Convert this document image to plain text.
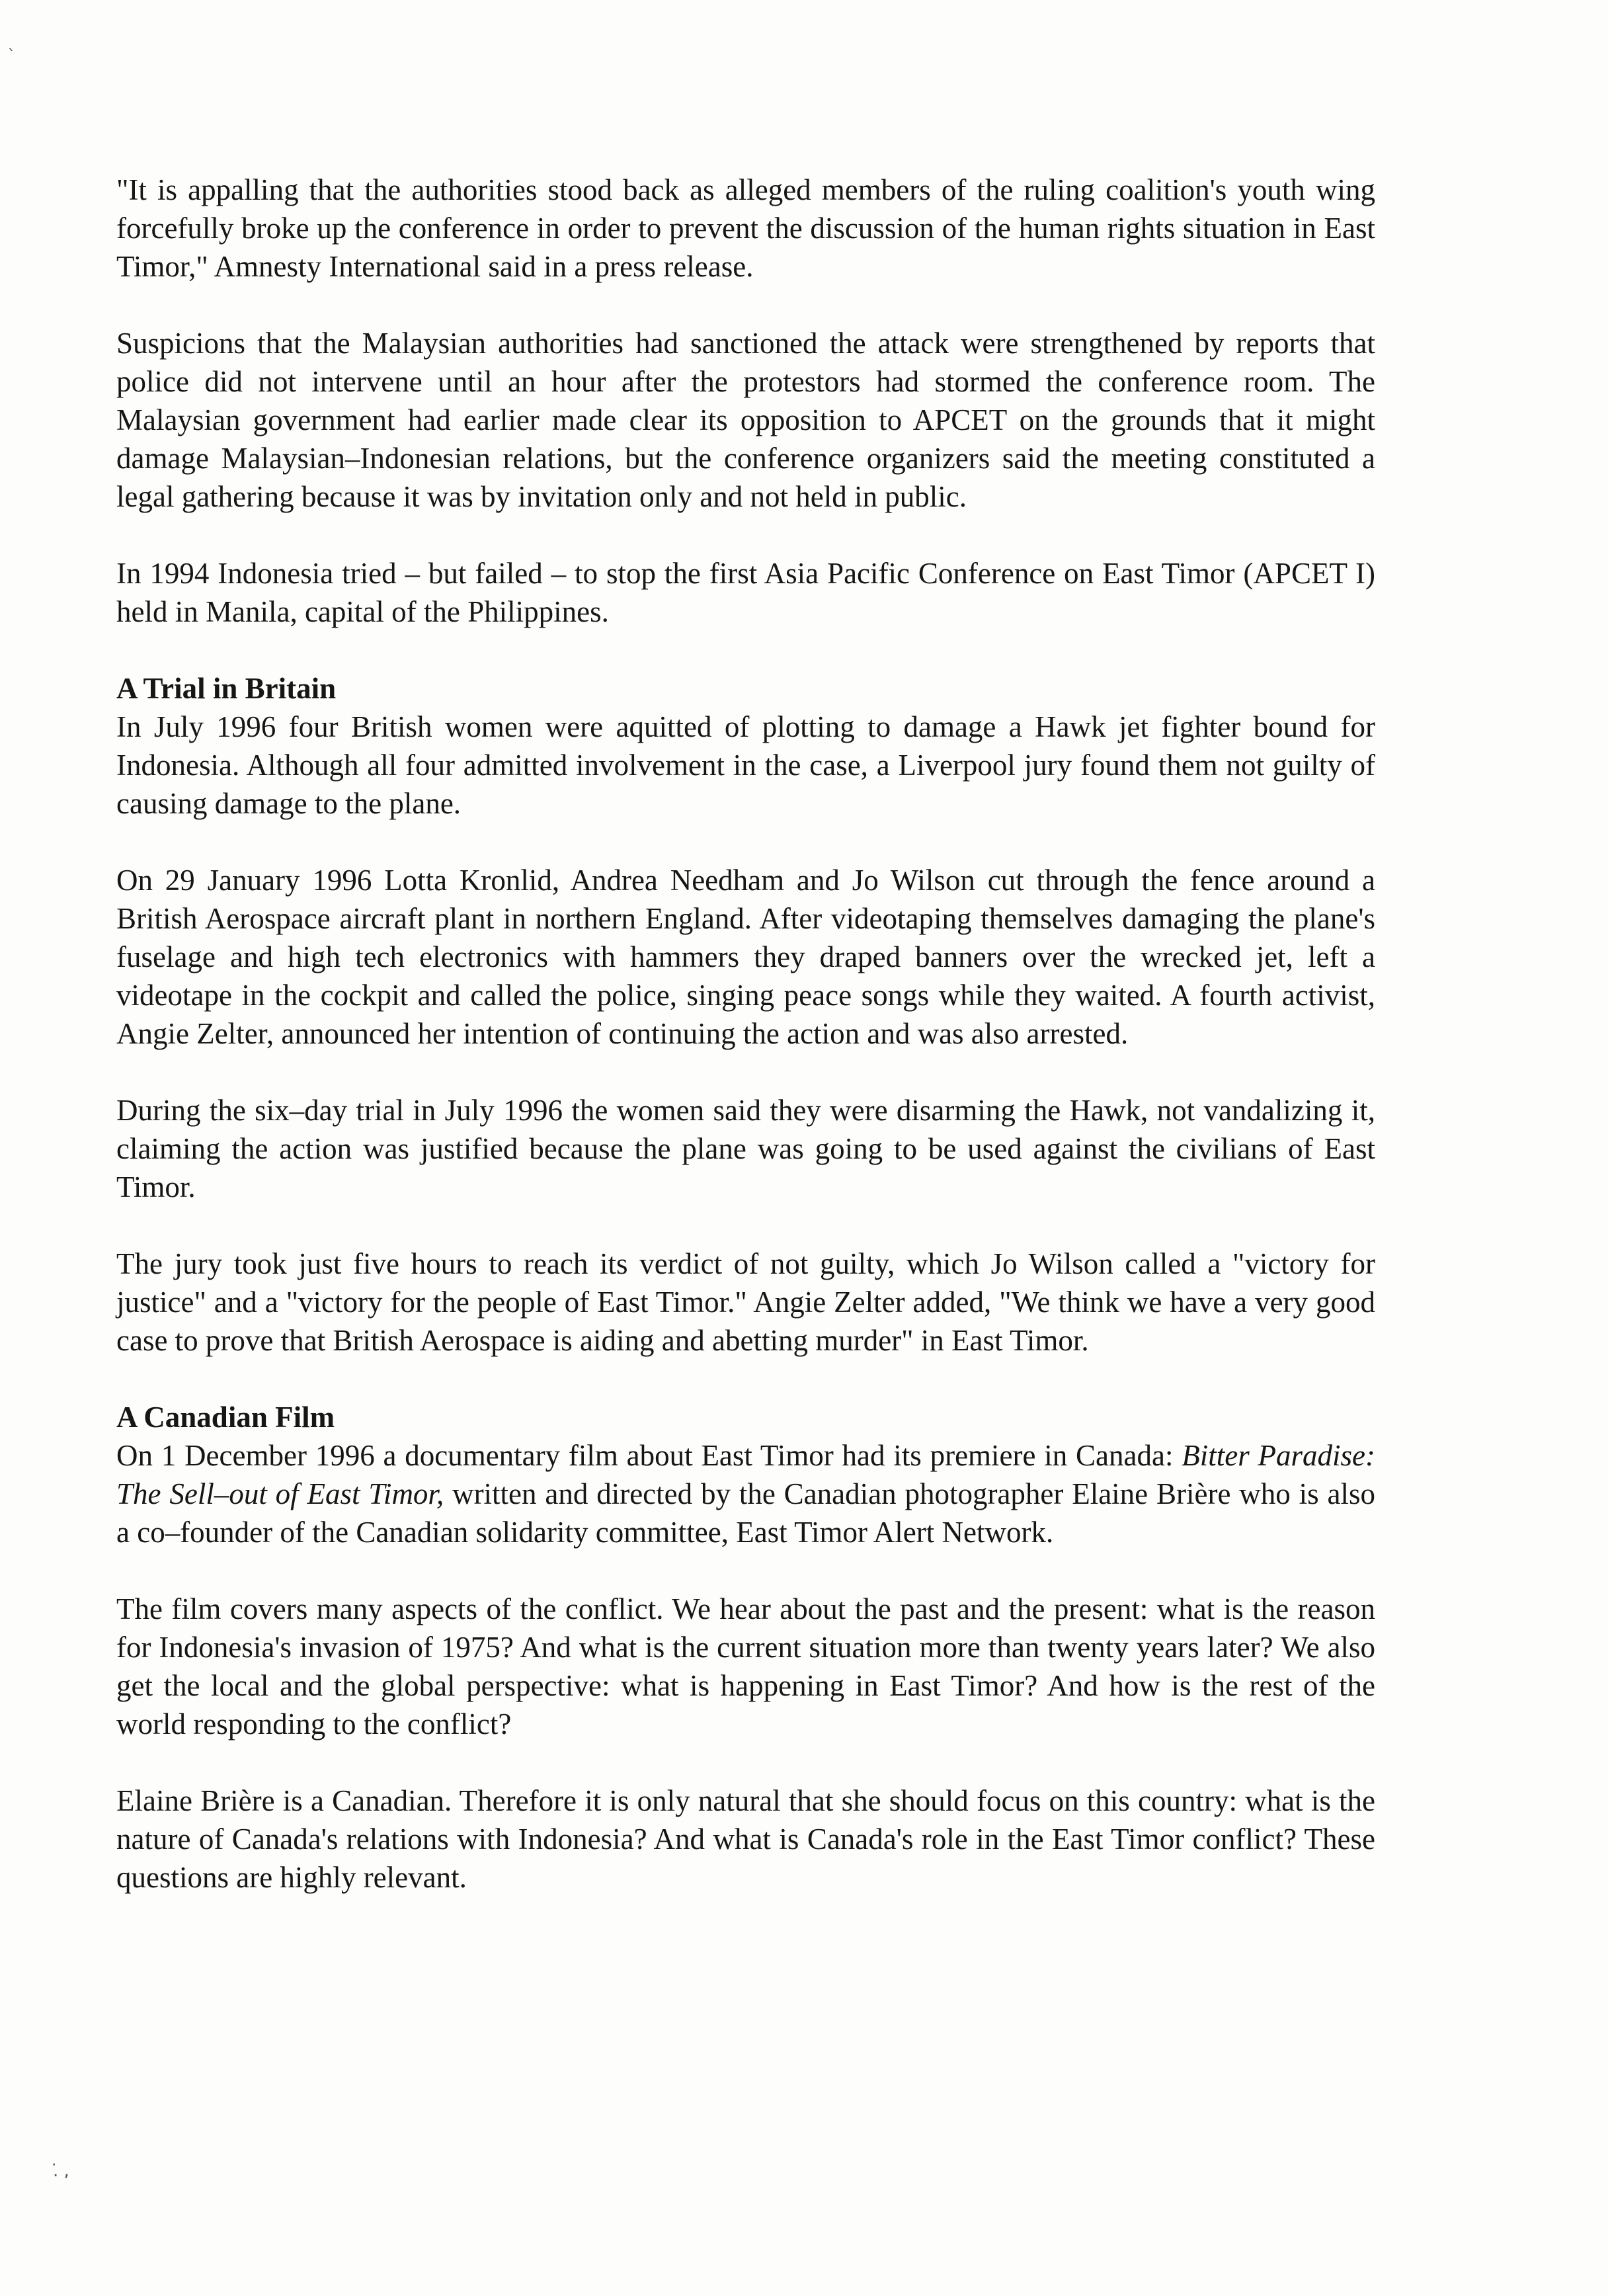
`
.̇ ,

"It is appalling that the authorities stood back as alleged members of the ruling coalition's youth wing forcefully broke up the conference in order to prevent the discussion of the human rights situation in East Timor," Amnesty International said in a press release.

Suspicions that the Malaysian authorities had sanctioned the attack were strengthened by reports that police did not intervene until an hour after the protestors had stormed the conference room. The Malaysian government had earlier made clear its opposition to APCET on the grounds that it might damage Malaysian–Indonesian relations, but the conference organizers said the meeting constituted a legal gathering because it was by invitation only and not held in public.

In 1994 Indonesia tried – but failed – to stop the first Asia Pacific Conference on East Timor (APCET I) held in Manila, capital of the Philippines.

A Trial in Britain

In July 1996 four British women were aquitted of plotting to damage a Hawk jet fighter bound for Indonesia. Although all four admitted involvement in the case, a Liverpool jury found them not guilty of causing damage to the plane.

On 29 January 1996 Lotta Kronlid, Andrea Needham and Jo Wilson cut through the fence around a British Aerospace aircraft plant in northern England. After videotaping themselves damaging the plane's fuselage and high tech electronics with hammers they draped banners over the wrecked jet, left a videotape in the cockpit and called the police, singing peace songs while they waited. A fourth activist, Angie Zelter, announced her intention of continuing the action and was also arrested.

During the six–day trial in July 1996 the women said they were disarming the Hawk, not vandalizing it, claiming the action was justified because the plane was going to be used against the civilians of East Timor.

The jury took just five hours to reach its verdict of not guilty, which Jo Wilson called a "victory for justice" and a "victory for the people of East Timor." Angie Zelter added, "We think we have a very good case to prove that British Aerospace is aiding and abetting murder" in East Timor.

A Canadian Film

On 1 December 1996 a documentary film about East Timor had its premiere in Canada: Bitter Paradise: The Sell–out of East Timor, written and directed by the Canadian photographer Elaine Brière who is also a co–founder of the Canadian solidarity committee, East Timor Alert Network.

The film covers many aspects of the conflict. We hear about the past and the present: what is the reason for Indonesia's invasion of 1975? And what is the current situation more than twenty years later? We also get the local and the global perspective: what is happening in East Timor? And how is the rest of the world responding to the conflict?

Elaine Brière is a Canadian. Therefore it is only natural that she should focus on this country: what is the nature of Canada's relations with Indonesia? And what is Canada's role in the East Timor conflict? These questions are highly relevant.
